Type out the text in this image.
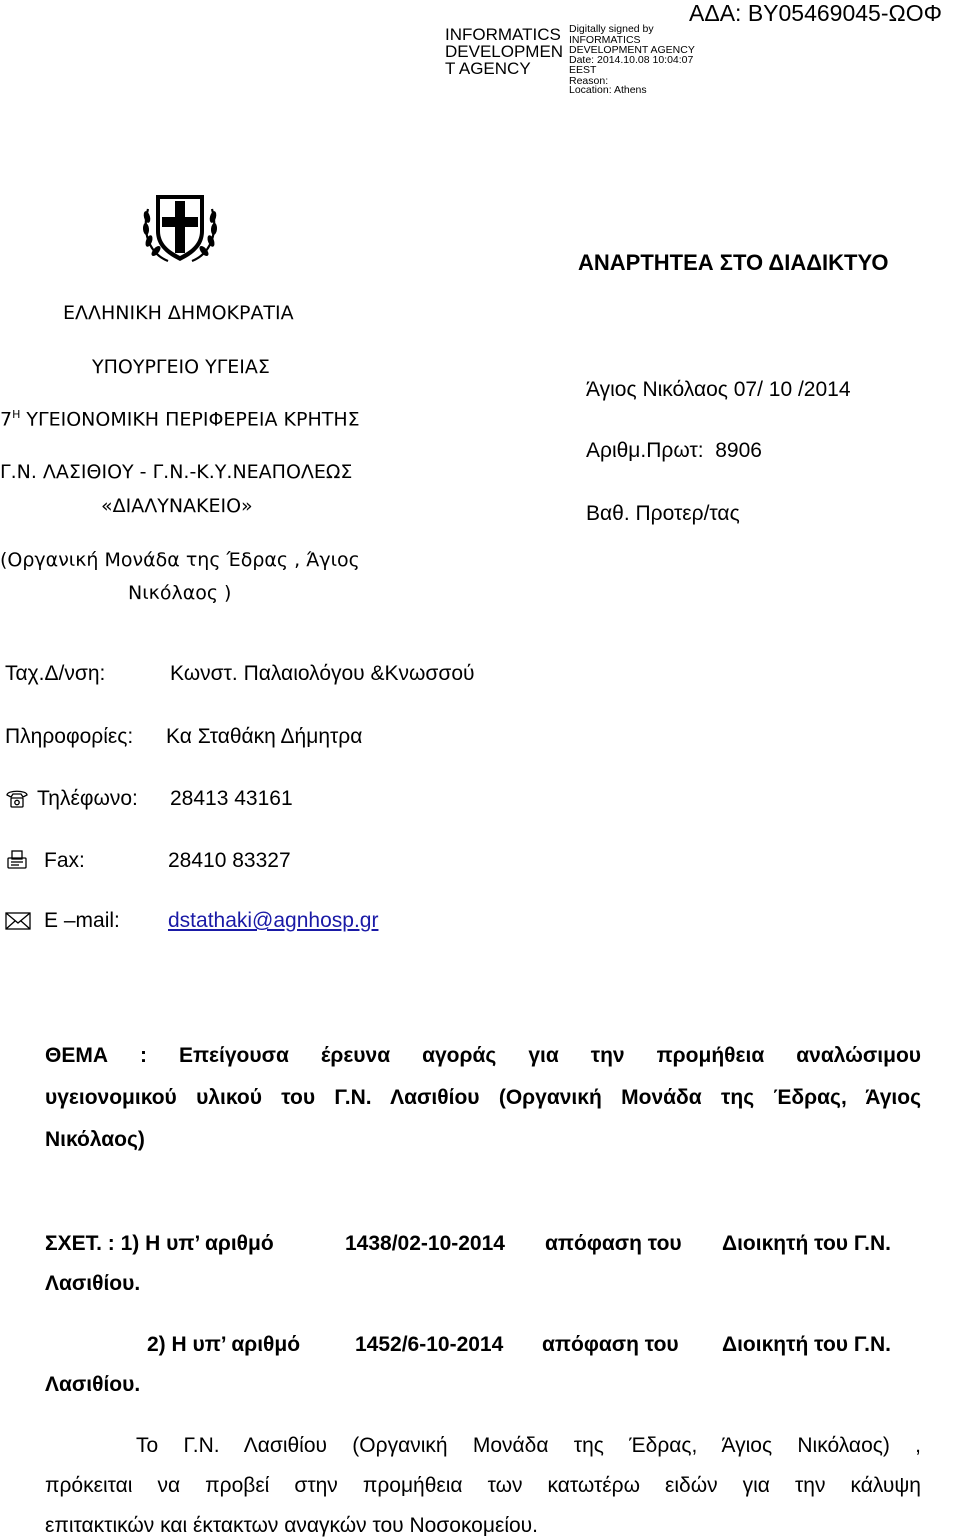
INFORMATICS
DEVELOPMEN
T AGENCY
Digitally signed by
INFORMATICS
DEVELOPMENT AGENCY
Date: 2014.10.08 10:04:07
EEST
Reason:
Location: Athens
ΑΔΑ: ΒΥ05469045-ΩΟΦ
ΑΝΑΡΤΗΤΕΑ ΣΤΟ ΔΙΑΔΙΚΤΥΟ
ΕΛΛΗΝΙΚΗ ΔΗΜΟΚΡΑΤΙΑ
ΥΠΟΥΡΓΕΙΟ ΥΓΕΙΑΣ
$7^H$ ΥΓΕΙΟΝΟΜΙΚΗ ΠΕΡΙΦΕΡΕΙΑ ΚΡΗΤΗΣ
Γ.Ν. ΛΑΣΙΘΙΟΥ - Γ.Ν.-Κ.Υ.ΝΕΑΠΟΛΕΩΣ
«ΔΙΑΛΥΝΑΚΕΙΟ»
(Οργανική Μονάδα της Έδρας , Άγιος
Νικόλαος )
Άγιος Νικόλαος 07/ 10 /2014
Αριθμ.Πρωτ: 8906
Βαθ. Προτερ/τας
Ταχ.Δ/νση:	Κωνστ. Παλαιολόγου &Κνωσσού
Πληροφορίες: Κα Σταθάκη Δήμητρα
Τηλέφωνο: 28413 43161
Fax:	28410 83327
E –mail: dstathaki@agnhosp.gr
ΘΕΜΑ : Επείγουσα έρευνα αγοράς για την προμήθεια αναλώσιμου
υγειονομικού υλικού του Γ.Ν. Λασιθίου (Οργανική Μονάδα της Έδρας, Άγιος
Νικόλαος)
ΣΧΕΤ. : 1) Η υπ’ αριθμό	1438/02-10-2014 απόφαση του Διοικητή του Γ.Ν.
Λασιθίου.
2) Η υπ’ αριθμό	1452/6-10-2014 απόφαση του Διοικητή του Γ.Ν.
Λασιθίου.
Το Γ.Ν. Λασιθίου (Οργανική Μονάδα της Έδρας, Άγιος Νικόλαος) ,
πρόκειται να προβεί στην προμήθεια των κατωτέρω ειδών για την κάλυψη
επιτακτικών και έκτακτων αναγκών του Νοσοκομείου.
